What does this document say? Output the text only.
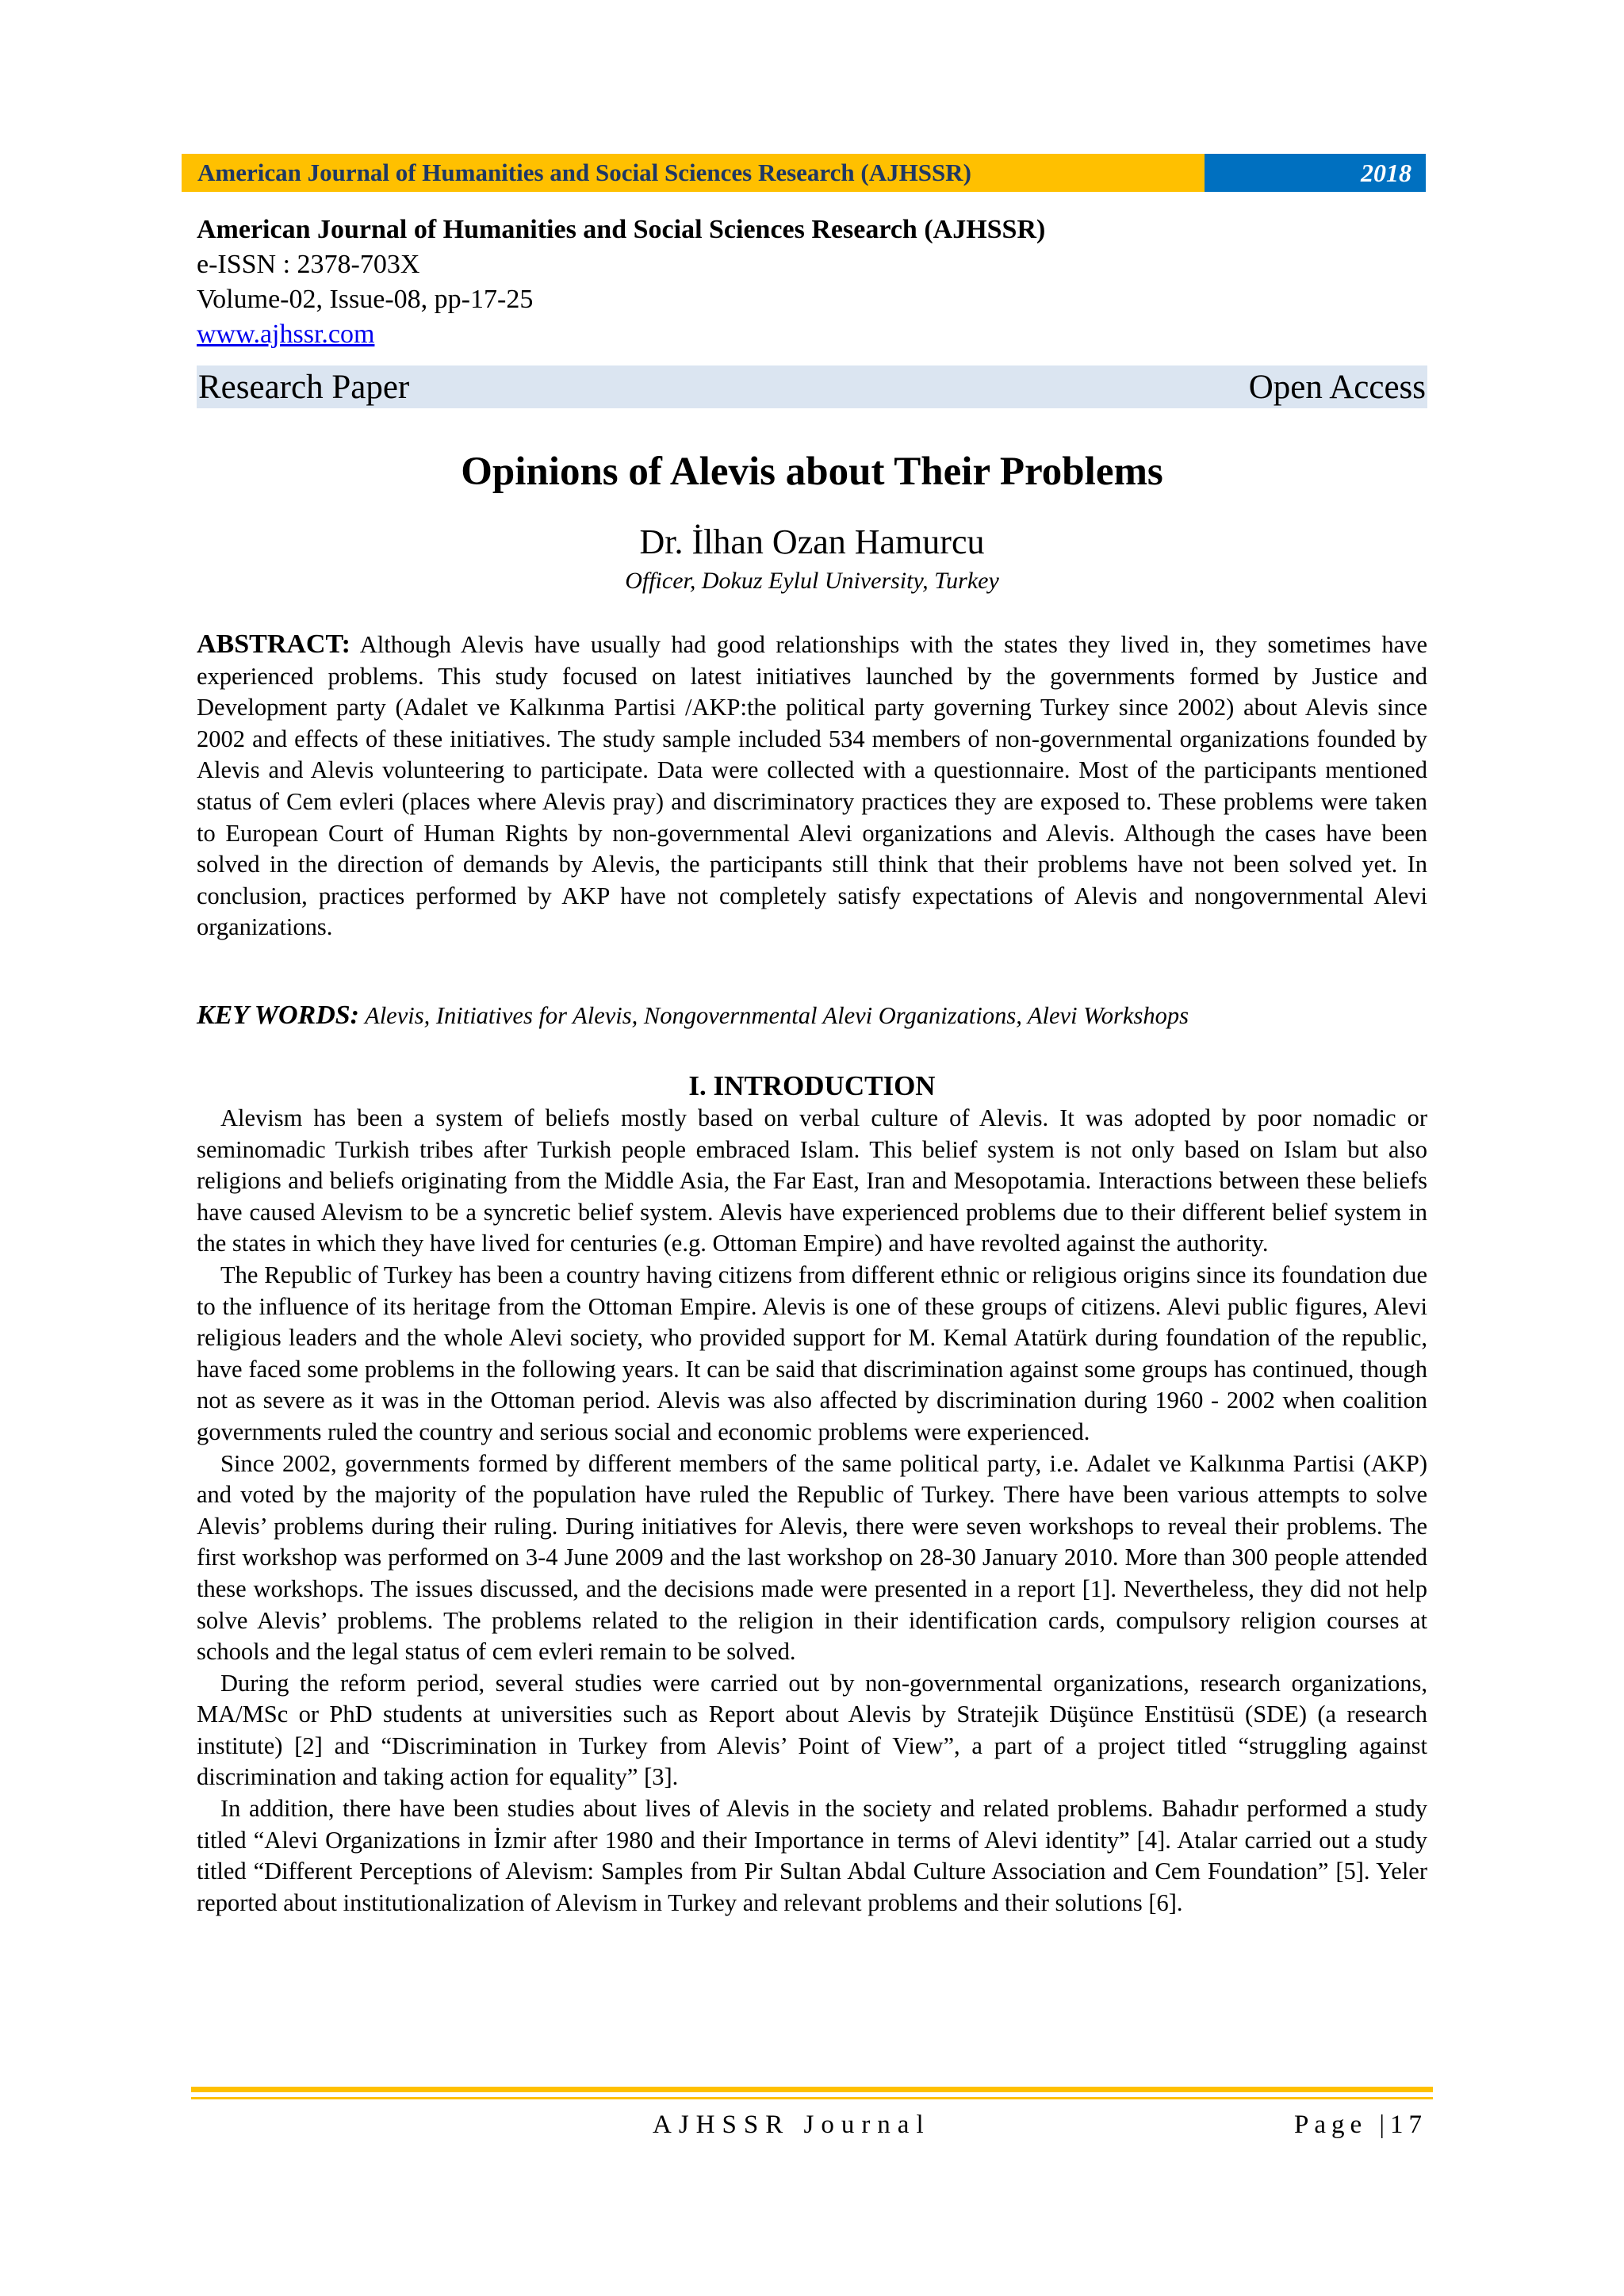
American Journal of Humanities and Social Sciences Research (AJHSSR)	2018
American Journal of Humanities and Social Sciences Research (AJHSSR)
e-ISSN : 2378-703X
Volume-02, Issue-08, pp-17-25
www.ajhssr.com
Research Paper	Open Access
Opinions of Alevis about Their Problems
Dr. İlhan Ozan Hamurcu
Officer, Dokuz Eylul University, Turkey
ABSTRACT: Although Alevis have usually had good relationships with the states they lived in, they sometimes have experienced problems. This study focused on latest initiatives launched by the governments formed by Justice and Development party (Adalet ve Kalkınma Partisi /AKP:the political party governing Turkey since 2002) about Alevis since 2002 and effects of these initiatives. The study sample included 534 members of non-governmental organizations founded by Alevis and Alevis volunteering to participate. Data were collected with a questionnaire. Most of the participants mentioned status of Cem evleri (places where Alevis pray) and discriminatory practices they are exposed to. These problems were taken to European Court of Human Rights by non-governmental Alevi organizations and Alevis. Although the cases have been solved in the direction of demands by Alevis, the participants still think that their problems have not been solved yet. In conclusion, practices performed by AKP have not completely satisfy expectations of Alevis and nongovernmental Alevi organizations.
KEY WORDS: Alevis, Initiatives for Alevis, Nongovernmental Alevi Organizations, Alevi Workshops
I. INTRODUCTION

Alevism has been a system of beliefs mostly based on verbal culture of Alevis. It was adopted by poor nomadic or seminomadic Turkish tribes after Turkish people embraced Islam. This belief system is not only based on Islam but also religions and beliefs originating from the Middle Asia, the Far East, Iran and Mesopotamia. Interactions between these beliefs have caused Alevism to be a syncretic belief system. Alevis have experienced problems due to their different belief system in the states in which they have lived for centuries (e.g. Ottoman Empire) and have revolted against the authority.

The Republic of Turkey has been a country having citizens from different ethnic or religious origins since its foundation due to the influence of its heritage from the Ottoman Empire. Alevis is one of these groups of citizens. Alevi public figures, Alevi religious leaders and the whole Alevi society, who provided support for M. Kemal Atatürk during foundation of the republic, have faced some problems in the following years. It can be said that discrimination against some groups has continued, though not as severe as it was in the Ottoman period. Alevis was also affected by discrimination during 1960 - 2002 when coalition governments ruled the country and serious social and economic problems were experienced.

Since 2002, governments formed by different members of the same political party, i.e. Adalet ve Kalkınma Partisi (AKP) and voted by the majority of the population have ruled the Republic of Turkey. There have been various attempts to solve Alevis’ problems during their ruling. During initiatives for Alevis, there were seven workshops to reveal their problems. The first workshop was performed on 3-4 June 2009 and the last workshop on 28-30 January 2010. More than 300 people attended these workshops. The issues discussed, and the decisions made were presented in a report [1]. Nevertheless, they did not help solve Alevis’ problems. The problems related to the religion in their identification cards, compulsory religion courses at schools and the legal status of cem evleri remain to be solved.

During the reform period, several studies were carried out by non-governmental organizations, research organizations, MA/MSc or PhD students at universities such as Report about Alevis by Stratejik Düşünce Enstitüsü (SDE) (a research institute) [2] and “Discrimination in Turkey from Alevis’ Point of View”, a part of a project titled “struggling against discrimination and taking action for equality” [3].

In addition, there have been studies about lives of Alevis in the society and related problems. Bahadır performed a study titled “Alevi Organizations in İzmir after 1980 and their Importance in terms of Alevi identity” [4]. Atalar carried out a study titled “Different Perceptions of Alevism: Samples from Pir Sultan Abdal Culture Association and Cem Foundation” [5]. Yeler reported about institutionalization of Alevism in Turkey and relevant problems and their solutions [6].

AJHSSR Journal	Page |17
